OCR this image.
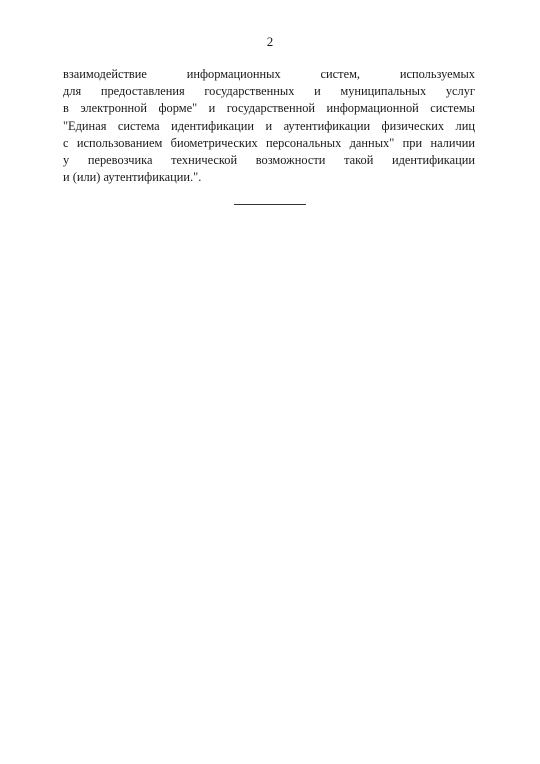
2
взаимодействие информационных систем, используемых
для предоставления государственных и муниципальных услуг
в электронной форме" и государственной информационной системы
"Единая система идентификации и аутентификации физических лиц
с использованием биометрических персональных данных" при наличии
у перевозчика технической возможности такой идентификации
и (или) аутентификации.".
